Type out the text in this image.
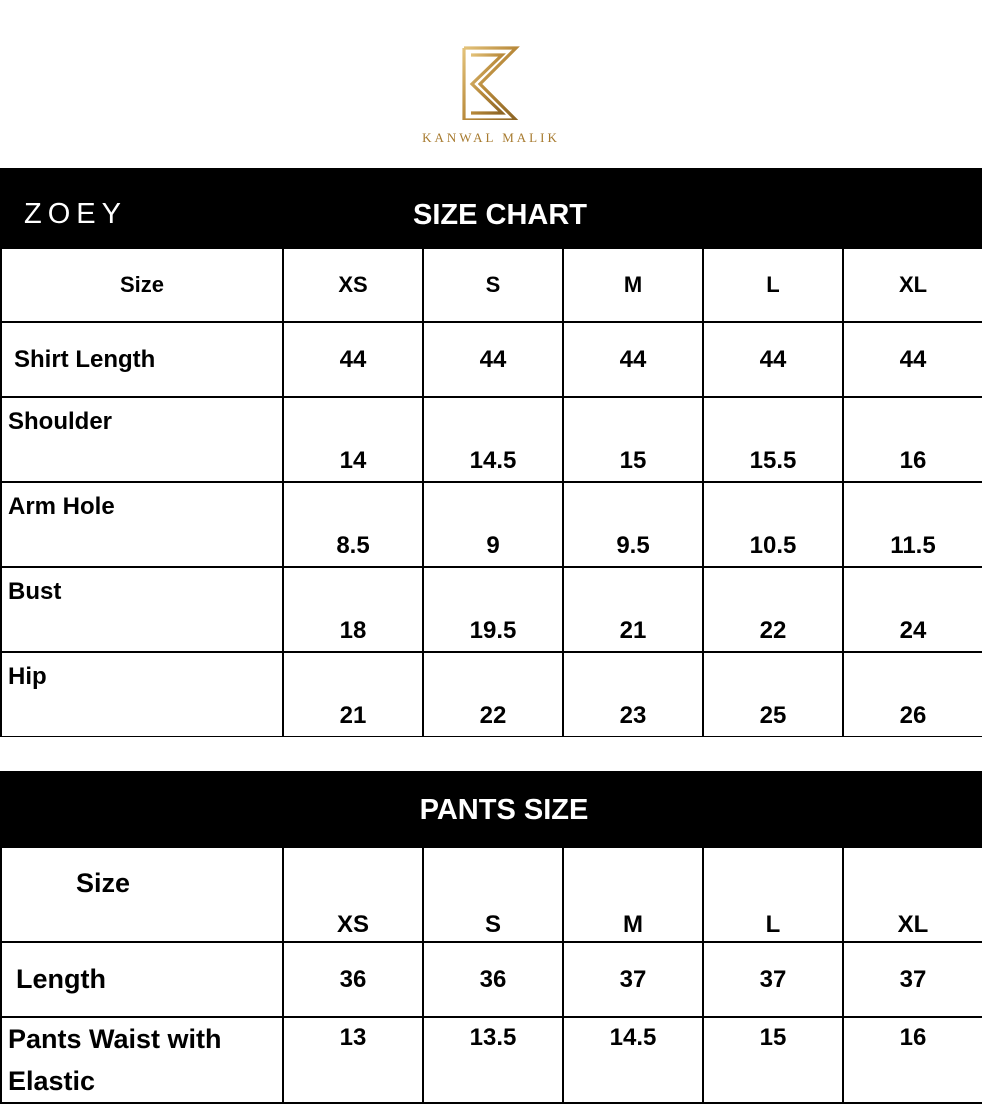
KANWAL MALIK
ZOEY	SIZE CHART
Size	XS	S	M	L	XL
Shirt Length	44	44	44	44	44
Shoulder	14	14.5	15	15.5	16
Arm Hole	8.5	9	9.5	10.5	11.5
Bust	18	19.5	21	22	24
Hip	21	22	23	25	26
PANTS SIZE
Size	XS	S	M	L	XL
Length	36	36	37	37	37
Pants Waist with Elastic	13	13.5	14.5	15	16
